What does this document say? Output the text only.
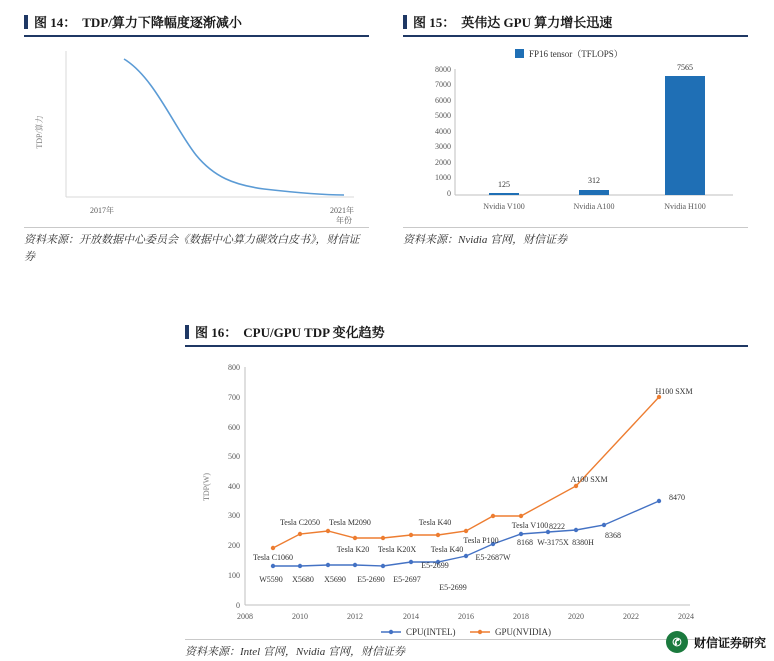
图 14： TDP/算力下降幅度逐渐减小
TDP/算力
2017年	2021年
年份
资料来源：开放数据中心委员会《数据中心算力碳效白皮书》，财信证券
图 15： 英伟达 GPU 算力增长迅速
FP16 tensor（TFLOPS）
8000
7000
6000
5000
4000
3000
2000
1000
0
125	312
7565
Nvidia V100	Nvidia A100	Nvidia H100
资料来源：Nvidia 官网，财信证券
图 16： CPU/GPU TDP 变化趋势
TDP(W)
800
700
600
500
400
300
200
100
0
2008	2010	2012	2014	2016	2018	2020	2022	2024
Tesla C1060
Tesla C2050 Tesla M2090
Tesla K20 Tesla K20X
Tesla K40
Tesla K40
Tesla P100
Tesla V100
A100 SXM
H100 SXM
W5590 X5680 X5690 E5-2690 E5-2697
E5-2699
E5-2699
E5-2687W
8168 W-3175X 8380H
8368
8470
8222
CPU(INTEL)	GPU(NVIDIA)
资料来源：Intel 官网，Nvidia 官网，财信证券
✆	财信证券研究
